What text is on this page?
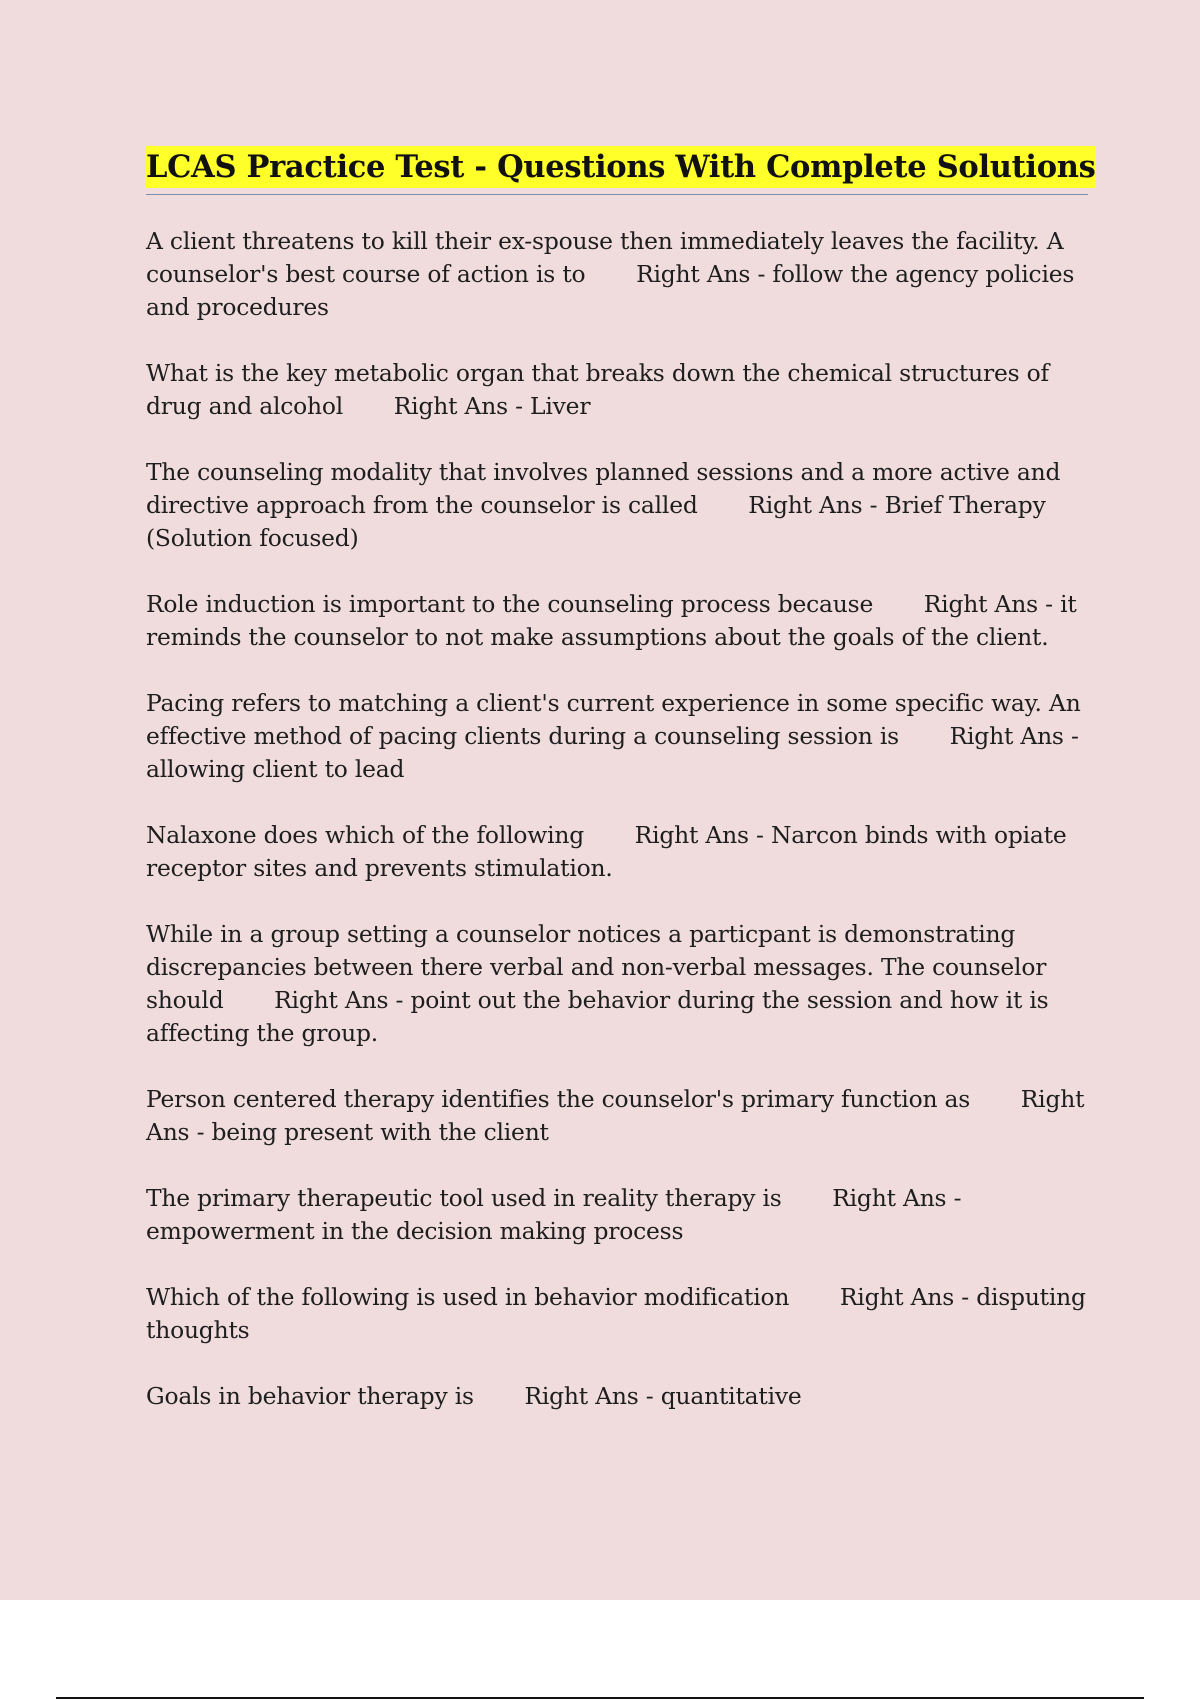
LCAS Practice Test - Questions With Complete Solutions

A client threatens to kill their ex-spouse then immediately leaves the facility. A counselor's best course of action is to Right Ans - follow the agency policies and procedures

What is the key metabolic organ that breaks down the chemical structures of drug and alcohol Right Ans - Liver

The counseling modality that involves planned sessions and a more active and directive approach from the counselor is called Right Ans - Brief Therapy (Solution focused)

Role induction is important to the counseling process because Right Ans - it reminds the counselor to not make assumptions about the goals of the client.

Pacing refers to matching a client's current experience in some specific way. An effective method of pacing clients during a counseling session is Right Ans - allowing client to lead

Nalaxone does which of the following Right Ans - Narcon binds with opiate receptor sites and prevents stimulation.

While in a group setting a counselor notices a particpant is demonstrating discrepancies between there verbal and non-verbal messages. The counselor should Right Ans - point out the behavior during the session and how it is affecting the group.

Person centered therapy identifies the counselor's primary function as Right Ans - being present with the client

The primary therapeutic tool used in reality therapy is Right Ans - empowerment in the decision making process

Which of the following is used in behavior modification Right Ans - disputing thoughts

Goals in behavior therapy is Right Ans - quantitative
